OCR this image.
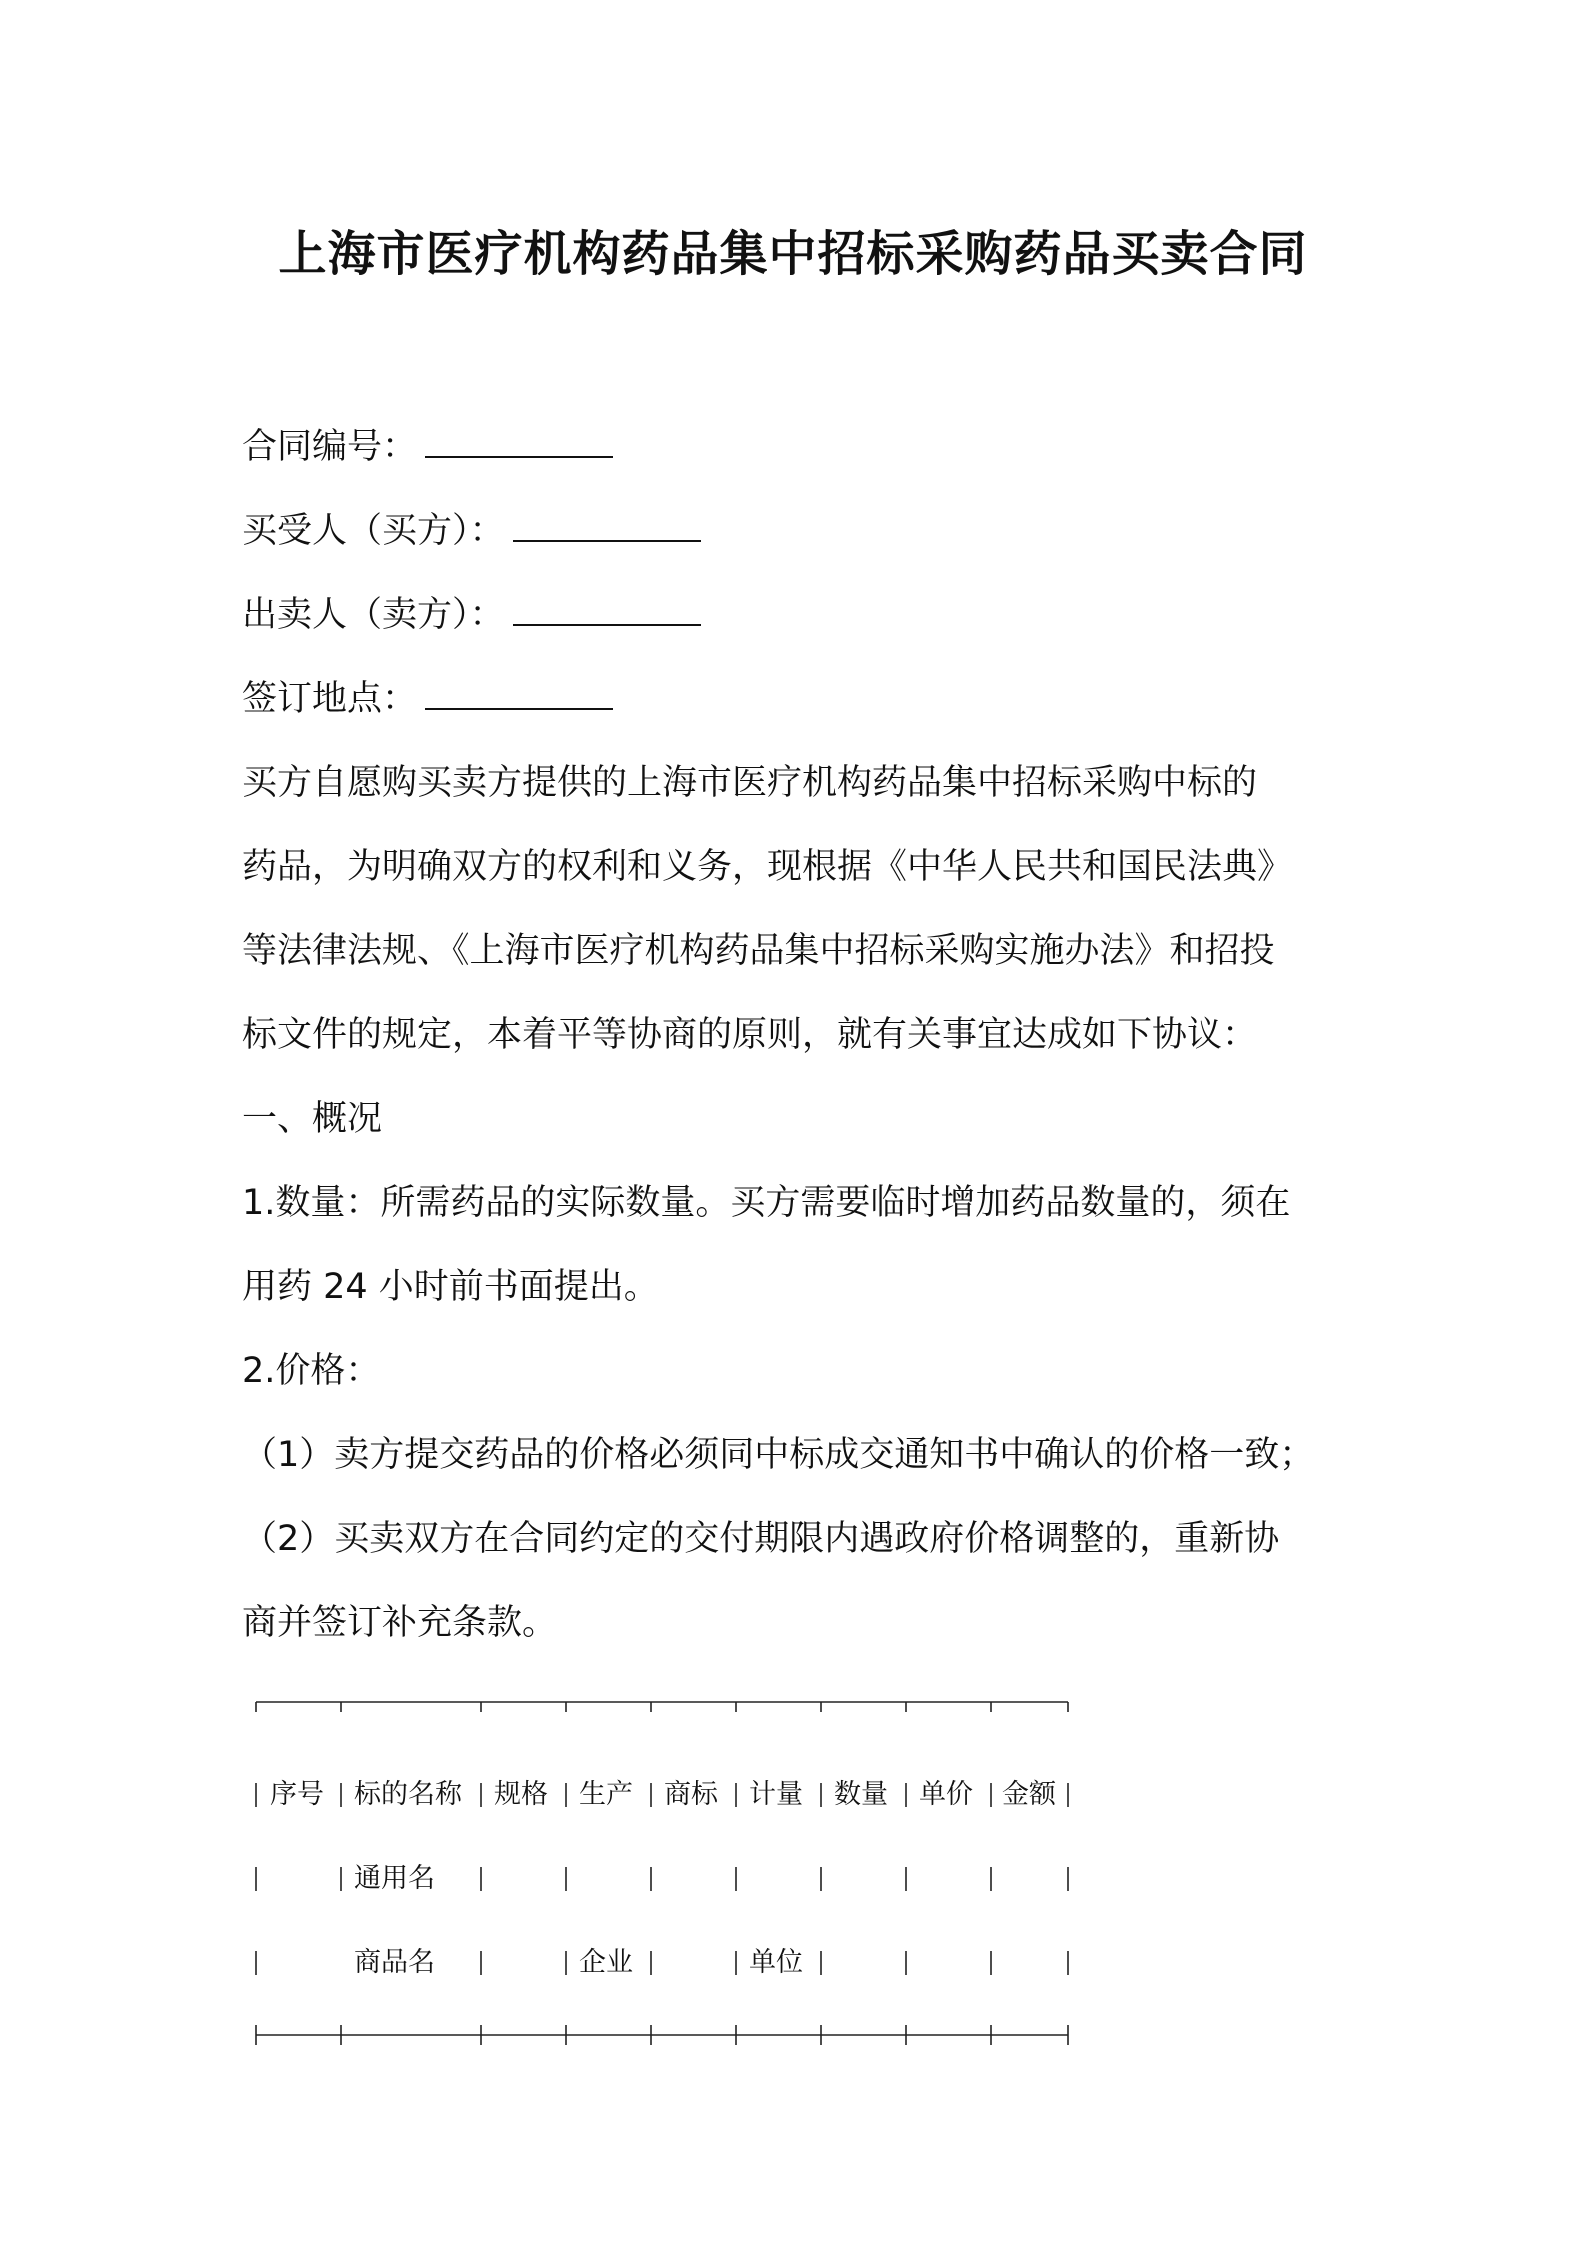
上海市医疗机构药品集中招标采购药品买卖合同
合同编号：
买受人（买方）：
出卖人（卖方）：
签订地点：
买方自愿购买卖方提供的上海市医疗机构药品集中招标采购中标的
药品，为明确双方的权利和义务，现根据《中华人民共和国民法典》
等法律法规、《上海市医疗机构药品集中招标采购实施办法》和招投
标文件的规定，本着平等协商的原则，就有关事宜达成如下协议：
一、概况
1.数量：所需药品的实际数量。买方需要临时增加药品数量的，须在
用药 24 小时前书面提出。
2.价格：
（1）卖方提交药品的价格必须同中标成交通知书中确认的价格一致；
（2）买卖双方在合同约定的交付期限内遇政府价格调整的，重新协
商并签订补充条款。
序号 标的名称 规格 生产 商标 计量 数量 单价 金额
通用名
商品名	企业	单位
